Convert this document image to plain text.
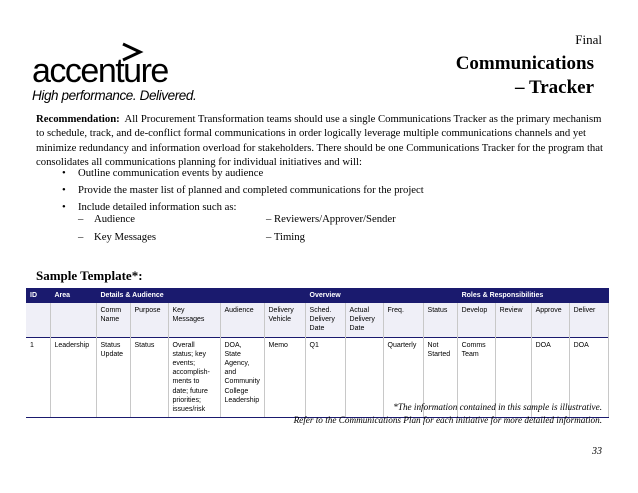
Final
accenture
High performance. Delivered.
Communications
– Tracker
Recommendation: All Procurement Transformation teams should use a single Communications Tracker as the primary mechanism to schedule, track, and de-conflict formal communications in order logically leverage multiple communications channels and yet minimize redundancy and information overload for stakeholders. There should be one Communications Tracker for the program that consolidates all communications planning for individual initiatives and will:
• Outline communication events by audience
• Provide the master list of planned and completed communications for the project
• Include detailed information such as:
– Audience	– Reviewers/Approver/Sender
– Key Messages	– Timing
Sample Template*:
ID	Area	Details & Audience					Overview				Roles & Responsibilities			
		Comm Name	Purpose	Key Messages	Audience	Delivery Vehicle	Sched. Delivery Date	Actual Delivery Date	Freq.	Status	Develop	Review	Approve	Deliver
1	Leadership	Status Update	Status	Overall status; key events; accomplish-ments to date; future priorities; issues/risk	DOA, State Agency, and Community College Leadership	Memo	Q1		Quarterly	Not Started	Comms Team		DOA	DOA
*The information contained in this sample is illustrative.
Refer to the Communications Plan for each initiative for more detailed information.
33
